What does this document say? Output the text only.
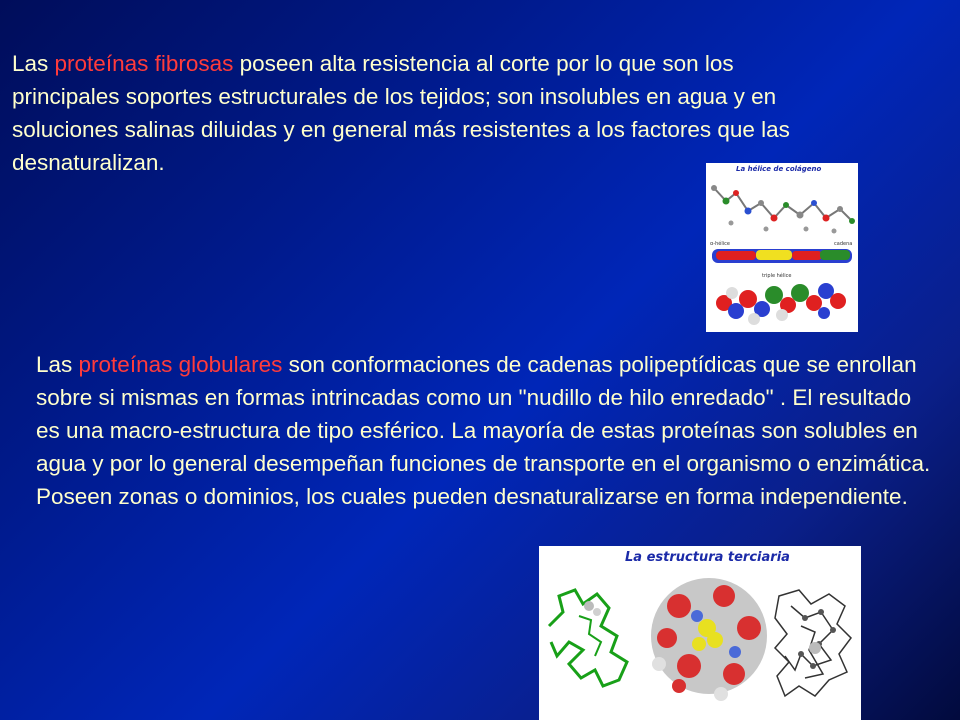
Las proteínas fibrosas poseen alta resistencia al corte por lo que son los principales soportes estructurales de los tejidos; son insolubles en agua y en soluciones salinas diluidas y en general más resistentes a los factores que las desnaturalizan.	La hélice de colágeno
α-hélice	cadena
triple hélice

Las proteínas globulares son conformaciones de cadenas polipeptídicas que se enrollan sobre si mismas en formas intrincadas como un "nudillo de hilo enredado" . El resultado es una macro-estructura de tipo esférico. La mayoría de estas proteínas son solubles en agua y por lo general desempeñan funciones de transporte en el organismo o enzimática. Poseen zonas o dominios, los cuales pueden desnaturalizarse en forma independiente.

La estructura terciaria
